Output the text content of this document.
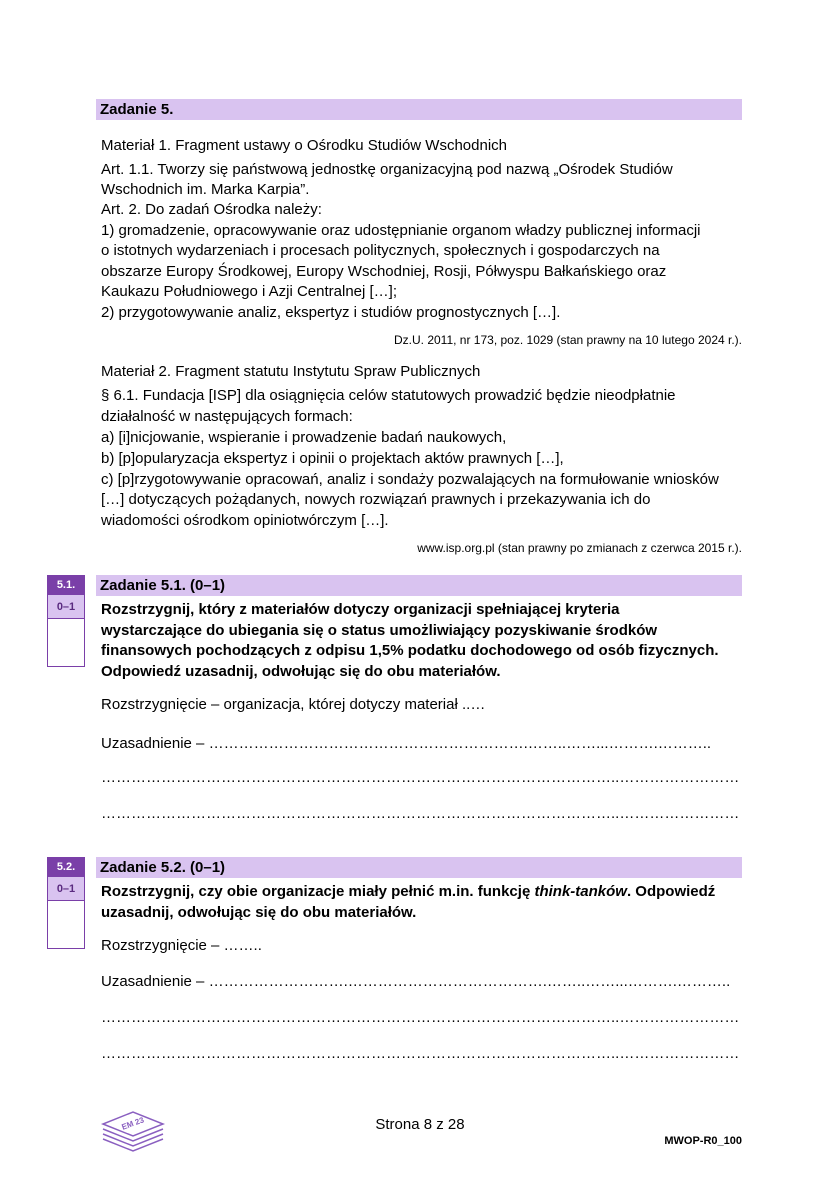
Zadanie 5.
Materiał 1. Fragment ustawy o Ośrodku Studiów Wschodnich
Art. 1.1. Tworzy się państwową jednostkę organizacyjną pod nazwą „Ośrodek Studiów
Wschodnich im. Marka Karpia”.
Art. 2. Do zadań Ośrodka należy:
1) gromadzenie, opracowywanie oraz udostępnianie organom władzy publicznej informacji
o istotnych wydarzeniach i procesach politycznych, społecznych i gospodarczych na
obszarze Europy Środkowej, Europy Wschodniej, Rosji, Półwyspu Bałkańskiego oraz
Kaukazu Południowego i Azji Centralnej […];
2) przygotowywanie analiz, ekspertyz i studiów prognostycznych […].
Dz.U. 2011, nr 173, poz. 1029 (stan prawny na 10 lutego 2024 r.).
Materiał 2. Fragment statutu Instytutu Spraw Publicznych
§ 6.1. Fundacja [ISP] dla osiągnięcia celów statutowych prowadzić będzie nieodpłatnie
działalność w następujących formach:
a) [i]nicjowanie, wspieranie i prowadzenie badań naukowych,
b) [p]opularyzacja ekspertyz i opinii o projektach aktów prawnych […],
c) [p]rzygotowywanie opracowań, analiz i sondaży pozwalających na formułowanie wniosków
[…] dotyczących pożądanych, nowych rozwiązań prawnych i przekazywania ich do
wiadomości ośrodkom opiniotwórczym […].
www.isp.org.pl (stan prawny po zmianach z czerwca 2015 r.).
5.1.
0–1
Zadanie 5.1. (0–1)
Rozstrzygnij, który z materiałów dotyczy organizacji spełniającej kryteria
wystarczające do ubiegania się o status umożliwiający pozyskiwanie środków
finansowych pochodzących z odpisu 1,5% podatku dochodowego od osób fizycznych.
Odpowiedź uzasadnij, odwołując się do obu materiałów.
Rozstrzygnięcie – organizacja, której dotyczy materiał ..…
Uzasadnienie – ……………………………………………………….……..……...……….………..
…………………………………………………………………………………………..……………………
…………………………………………………………………………………………..……………………
5.2.
0–1
Zadanie 5.2. (0–1)
Rozstrzygnij, czy obie organizacje miały pełnić m.in. funkcję think-tanków. Odpowiedź
uzasadnij, odwołując się do obu materiałów.
Rozstrzygnięcie – ……..
Uzasadnienie – ……………………….………………………………….……..……...……….………..
…………………………………………………………………………………………..……………………
…………………………………………………………………………………………..……………………
EM 23	Strona 8 z 28
MWOP-R0_100
